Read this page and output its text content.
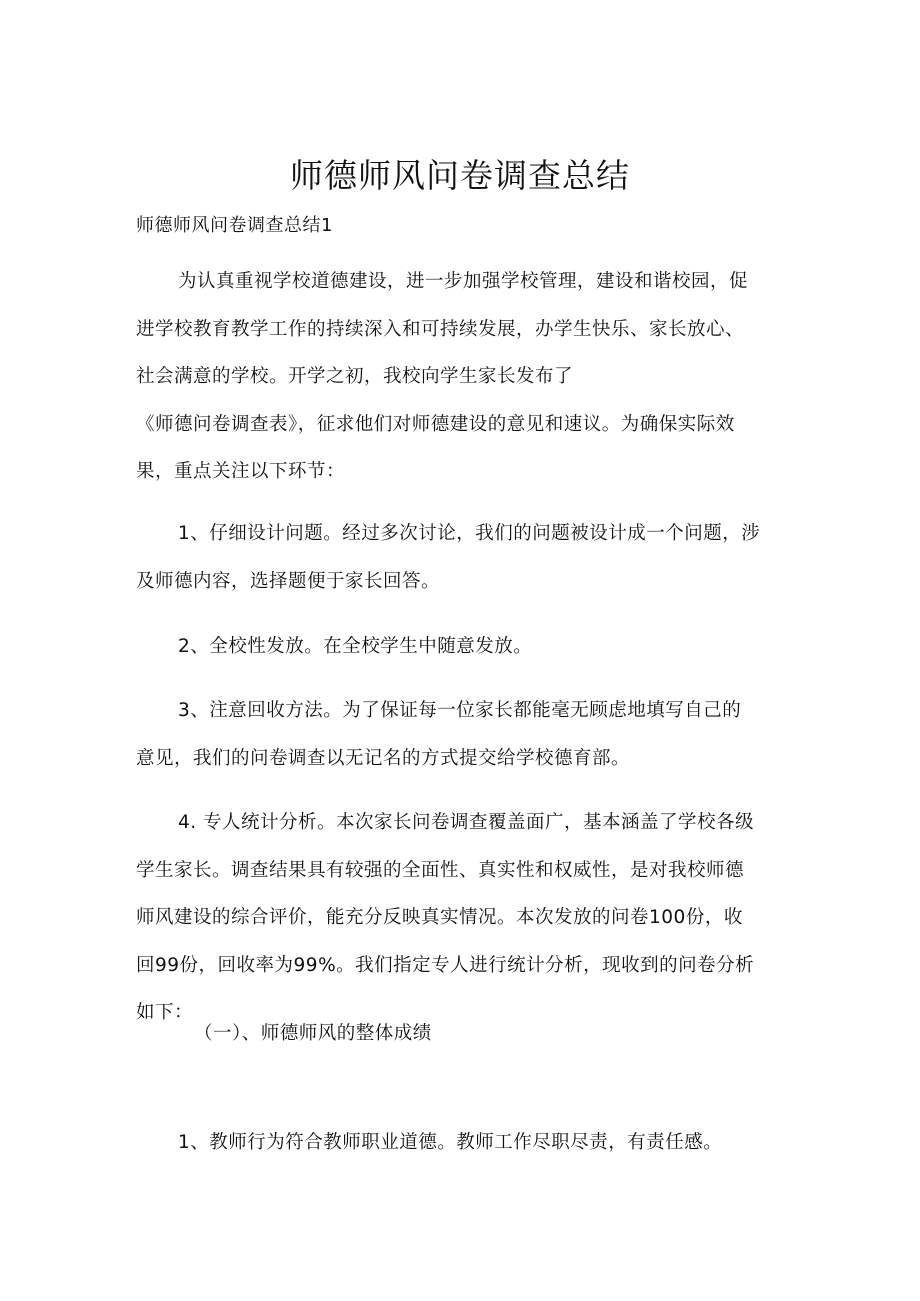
师德师风问卷调查总结

师德师风问卷调查总结1

为认真重视学校道德建设，进一步加强学校管理，建设和谐校园，促
进学校教育教学工作的持续深入和可持续发展，办学生快乐、家长放心、
社会满意的学校。开学之初，我校向学生家长发布了
《师德问卷调查表》，征求他们对师德建设的意见和速议。为确保实际效
果，重点关注以下环节：

1、仔细设计问题。经过多次讨论，我们的问题被设计成一个问题，涉
及师德内容，选择题便于家长回答。

2、全校性发放。在全校学生中随意发放。

3、注意回收方法。为了保证每一位家长都能毫无顾虑地填写自己的
意见，我们的问卷调查以无记名的方式提交给学校德育部。

4. 专人统计分析。本次家长问卷调查覆盖面广，基本涵盖了学校各级
学生家长。调查结果具有较强的全面性、真实性和权威性，是对我校师德
师风建设的综合评价，能充分反映真实情况。本次发放的问卷100份，收
回99份，回收率为99%。我们指定专人进行统计分析，现收到的问卷分析
如下：

（一）、师德师风的整体成绩

1、教师行为符合教师职业道德。教师工作尽职尽责，有责任感。
